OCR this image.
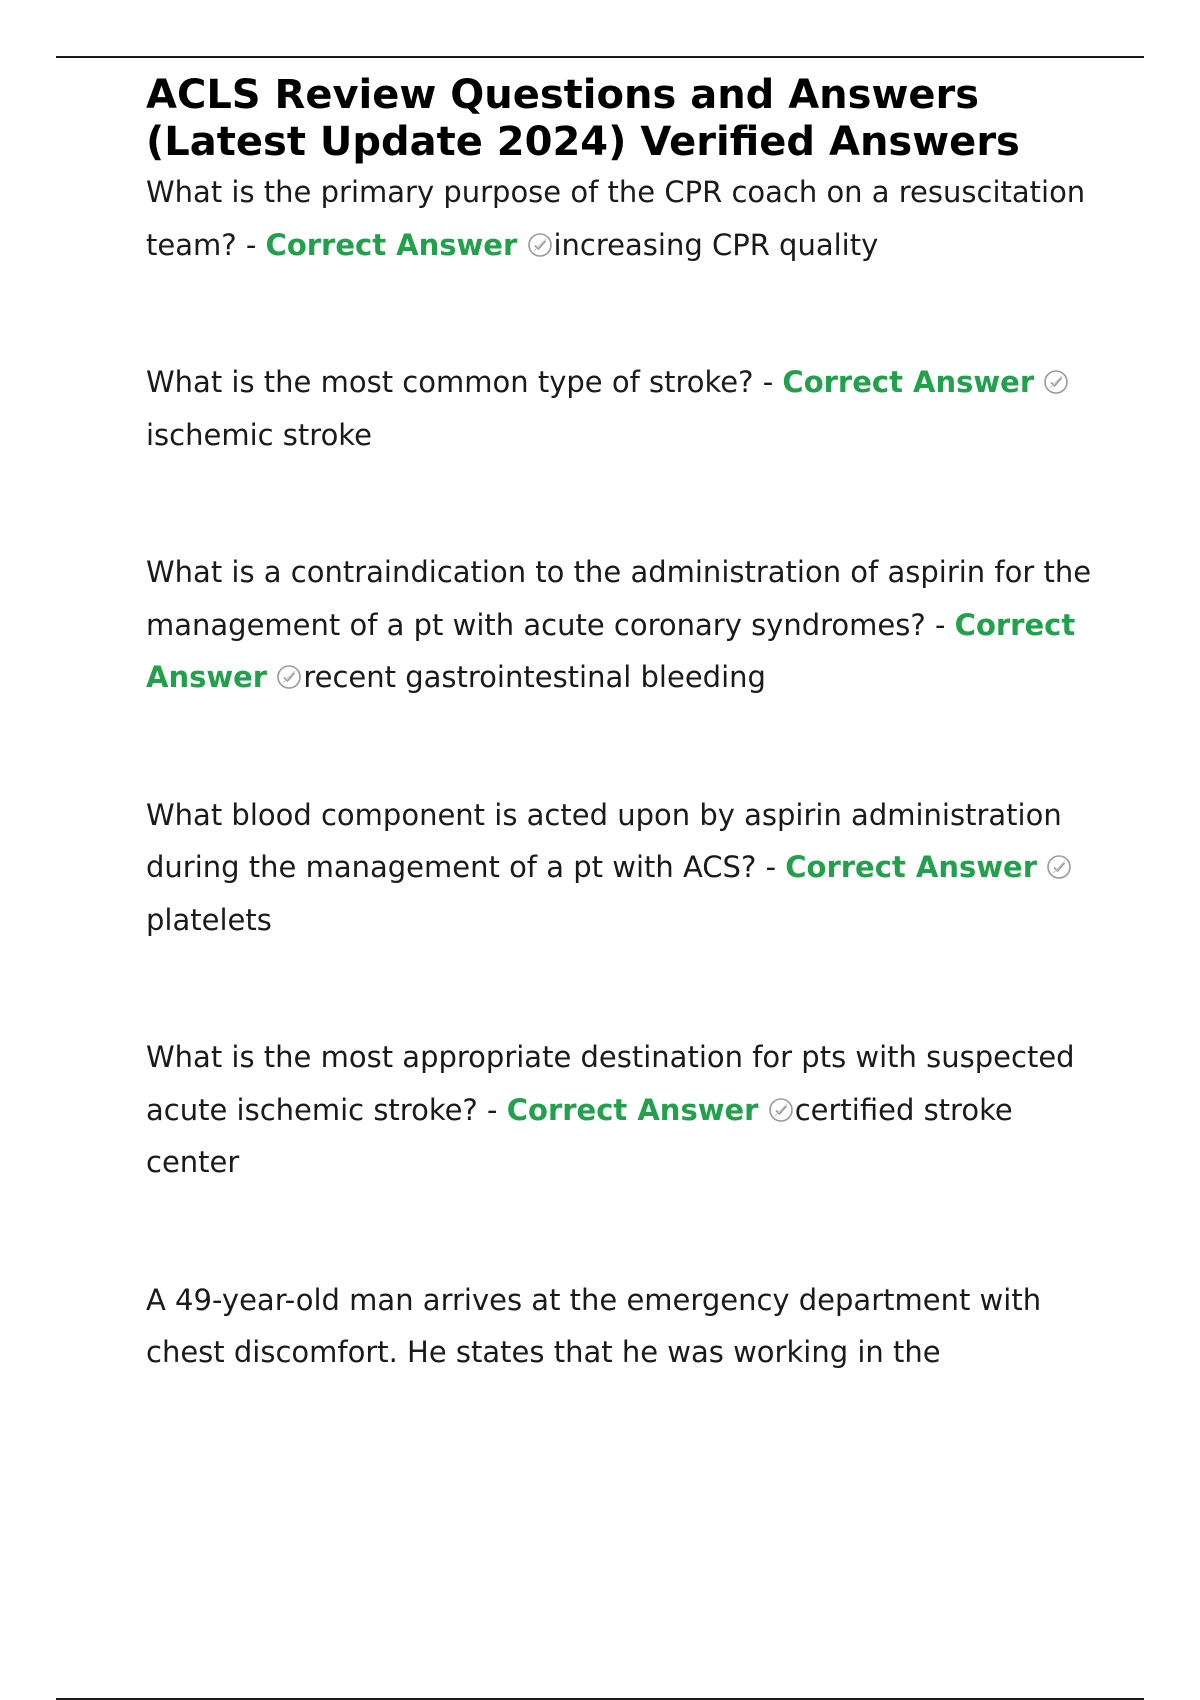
ACLS Review Questions and Answers
(Latest Update 2024) Verified Answers

What is the primary purpose of the CPR coach on a resuscitation team? - Correct Answer increasing CPR quality

What is the most common type of stroke? - Correct Answer
ischemic stroke

What is a contraindication to the administration of aspirin for the management of a pt with acute coronary syndromes? - Correct Answer recent gastrointestinal bleeding

What blood component is acted upon by aspirin administration during the management of a pt with ACS? - Correct Answer
platelets

What is the most appropriate destination for pts with suspected acute ischemic stroke? - Correct Answer certified stroke center

A 49-year-old man arrives at the emergency department with chest discomfort. He states that he was working in the
